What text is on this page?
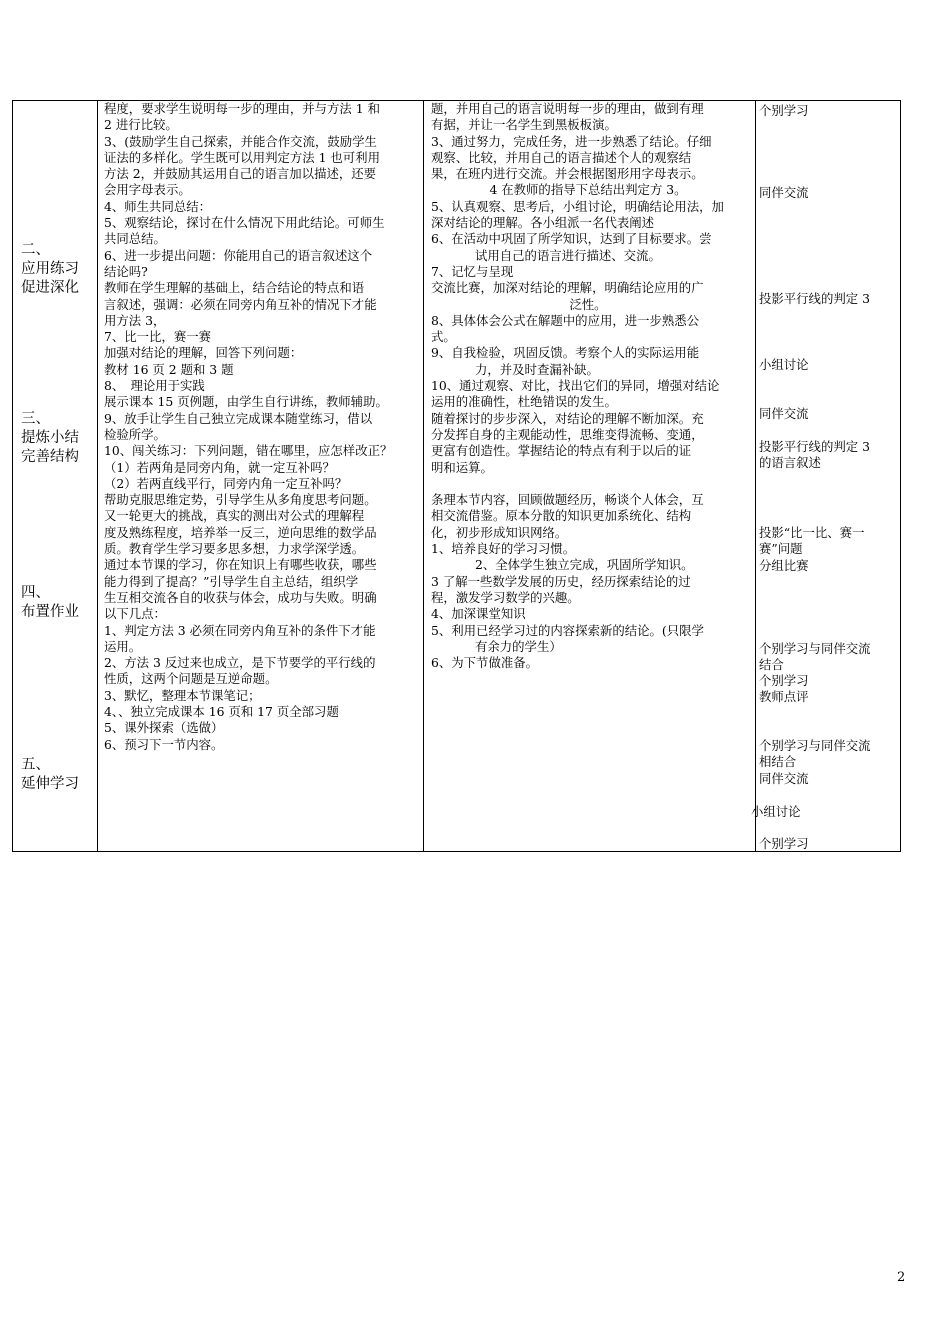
二、
应用练习促进深化
三、
提炼小结完善结构
四、
布置作业
五、
延伸学习

程度，要求学生说明每一步的理由，并与方法 1 和

2 进行比较。

3、(鼓励学生自己探索，并能合作交流，鼓励学生

证法的多样化。学生既可以用判定方法 1 也可利用

方法 2，并鼓励其运用自己的语言加以描述，还要

会用字母表示。

4、师生共同总结：

5、观察结论，探讨在什么情况下用此结论。可师生

共同总结。

6、进一步提出问题：你能用自己的语言叙述这个

结论吗?

教师在学生理解的基础上，结合结论的特点和语

言叙述，强调：必须在同旁内角互补的情况下才能

用方法 3，

7、比一比，赛一赛

加强对结论的理解，回答下列问题：

教材 16 页 2 题和 3 题

8、　理论用于实践

展示课本 15 页例题，由学生自行讲练，教师辅助。

9、放手让学生自己独立完成课本随堂练习，借以

检验所学。

10、闯关练习：下列问题，错在哪里，应怎样改正？

（1）若两角是同旁内角，就一定互补吗？

（2）若两直线平行，同旁内角一定互补吗？

帮助克服思维定势，引导学生从多角度思考问题。

又一轮更大的挑战，真实的测出对公式的理解程

度及熟练程度，培养举一反三，逆向思维的数学品

质。教育学生学习要多思多想，力求学深学透。

通过本节课的学习，你在知识上有哪些收获，哪些

能力得到了提高？”引导学生自主总结，组织学

生互相交流各自的收获与体会，成功与失败。明确

以下几点：

1、判定方法 3 必须在同旁内角互补的条件下才能

运用。

2、方法 3 反过来也成立，是下节要学的平行线的

性质，这两个问题是互逆命题。

3、默忆，整理本节课笔记；

4、、独立完成课本 16 页和 17 页全部习题

5、课外探索（选做）

6、预习下一节内容。

题，并用自己的语言说明每一步的理由，做到有理

有据，并让一名学生到黑板板演。

3、通过努力，完成任务，进一步熟悉了结论。仔细

观察、比较，并用自己的语言描述个人的观察结

果，在班内进行交流。并会根据图形用字母表示。

4 在教师的指导下总结出判定方 3。

5、认真观察、思考后，小组讨论，明确结论用法，加

深对结论的理解。各小组派一名代表阐述

6、在活动中巩固了所学知识，达到了目标要求。尝

试用自己的语言进行描述、交流。

7、记忆与呈现

交流比赛，加深对结论的理解，明确结论应用的广

泛性。

8、具体体会公式在解题中的应用，进一步熟悉公

式。

9、自我检验，巩固反馈。考察个人的实际运用能

力，并及时查漏补缺。

10、通过观察、对比，找出它们的异同，增强对结论

运用的准确性，杜绝错误的发生。

随着探讨的步步深入，对结论的理解不断加深。充

分发挥自身的主观能动性，思维变得流畅、变通，

更富有创造性。掌握结论的特点有利于以后的证

明和运算。

条理本节内容，回顾做题经历，畅谈个人体会，互

相交流借鉴。原本分散的知识更加系统化、结构

化，初步形成知识网络。

1、培养良好的学习习惯。

2、全体学生独立完成，巩固所学知识。

3 了解一些数学发展的历史，经历探索结论的过

程，激发学习数学的兴趣。

4、加深课堂知识

5、利用已经学习过的内容探索新的结论。(只限学

有余力的学生）

6、为下节做准备。

个别学习

同伴交流

投影平行线的判定 3

小组讨论

同伴交流

投影平行线的判定 3

的语言叙述

投影“比一比、赛一

赛”问题

分组比赛

个别学习与同伴交流

结合

个别学习

教师点评

个别学习与同伴交流

相结合

同伴交流

小组讨论

个别学习

2
